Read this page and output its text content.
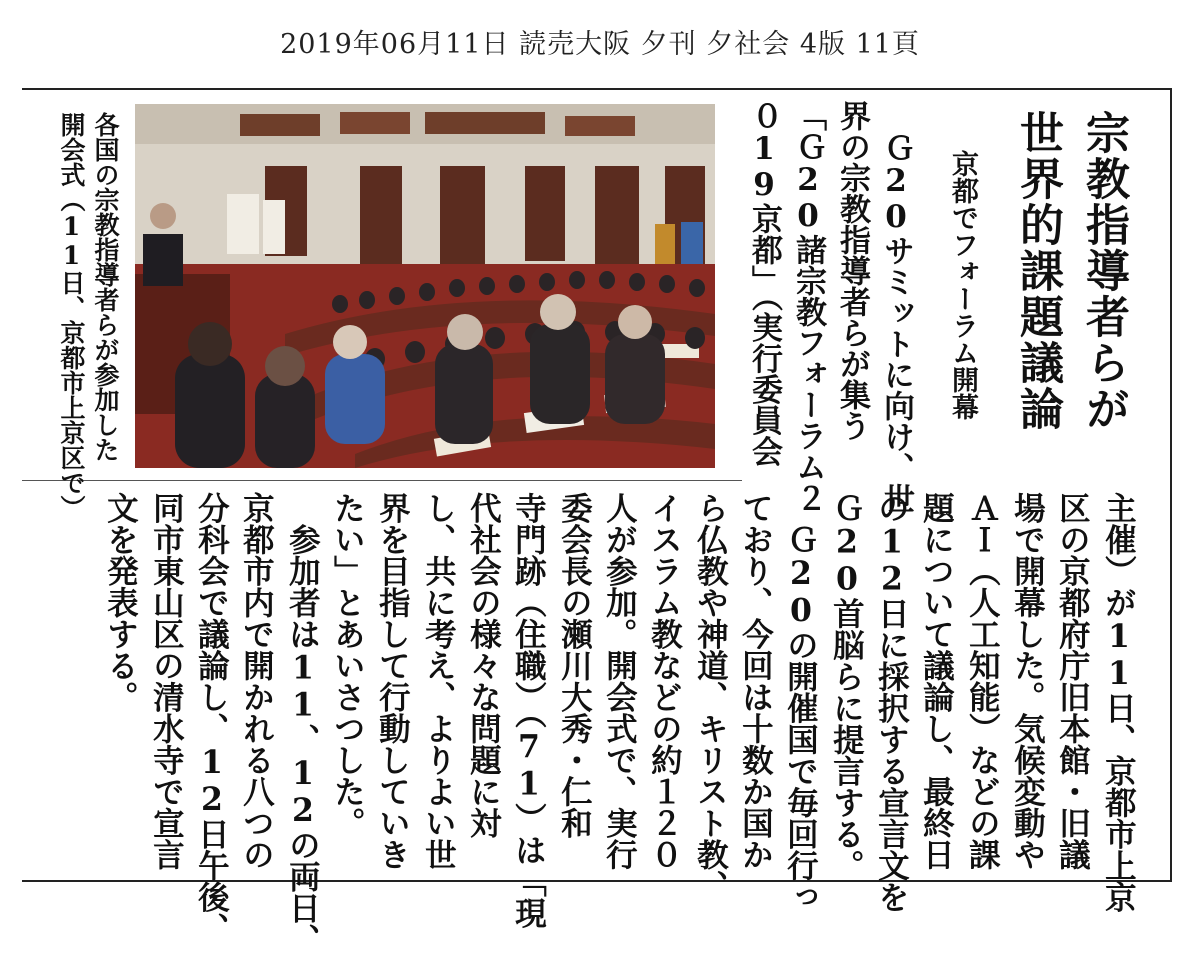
2019年06月11日 読売大阪 夕刊 夕社会 4版 11頁

宗教指導者らが

世界的課題議論

京都でフォーラム開幕

Ｇ20サミットに向け、世

界の宗教指導者らが集う

「Ｇ20諸宗教フォーラム２

０19京都」（実行委員会

各国の宗教指導者らが参加した

開会式（11日、京都市上京区で）

主催）が11日、京都市上京
区の京都府庁旧本館・旧議
場で開幕した。気候変動や
ＡＩ（人工知能）などの課
題について議論し、最終日
の12日に採択する宣言文を
Ｇ20首脳らに提言する。
　Ｇ20の開催国で毎回行っ
ており、今回は十数か国か
ら仏教や神道、キリスト教、
イスラム教などの約１２０
人が参加。開会式で、実行
委会長の瀬川大秀・仁和
寺門跡（住職）（71）は「現
代社会の様々な問題に対
し、共に考え、よりよい世
界を目指して行動していき
たい」とあいさつした。
　参加者は11、12の両日、
京都市内で開かれる八つの
分科会で議論し、12日午後、
同市東山区の清水寺で宣言
文を発表する。
